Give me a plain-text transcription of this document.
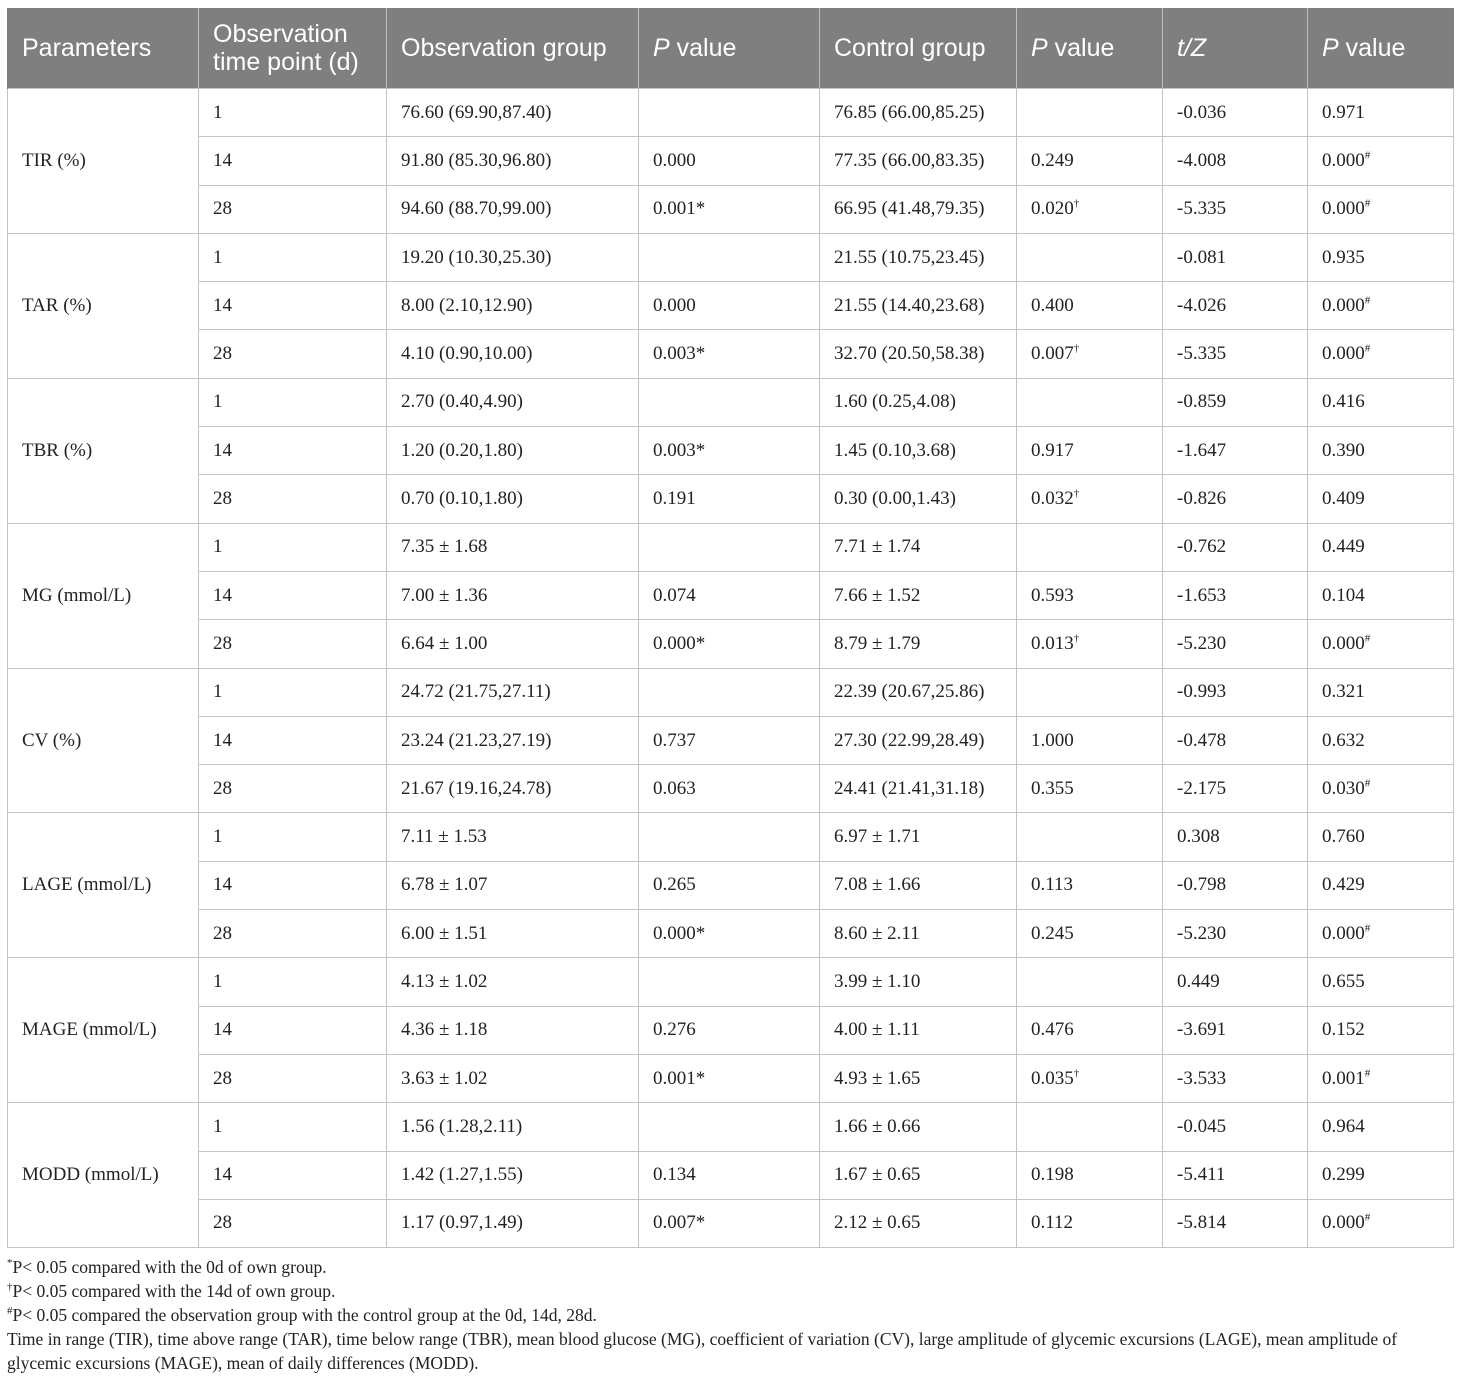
Parameters	Observation time point (d)	Observation group	P value	Control group	P value	t/Z	P value
TIR (%)	1	76.60 (69.90,87.40)		76.85 (66.00,85.25)		-0.036	0.971
	14	91.80 (85.30,96.80)	0.000	77.35 (66.00,83.35)	0.249	-4.008	0.000#
	28	94.60 (88.70,99.00)	0.001*	66.95 (41.48,79.35)	0.020†	-5.335	0.000#
TAR (%)	1	19.20 (10.30,25.30)		21.55 (10.75,23.45)		-0.081	0.935
	14	8.00 (2.10,12.90)	0.000	21.55 (14.40,23.68)	0.400	-4.026	0.000#
	28	4.10 (0.90,10.00)	0.003*	32.70 (20.50,58.38)	0.007†	-5.335	0.000#
TBR (%)	1	2.70 (0.40,4.90)		1.60 (0.25,4.08)		-0.859	0.416
	14	1.20 (0.20,1.80)	0.003*	1.45 (0.10,3.68)	0.917	-1.647	0.390
	28	0.70 (0.10,1.80)	0.191	0.30 (0.00,1.43)	0.032†	-0.826	0.409
MG (mmol/L)	1	7.35 ± 1.68		7.71 ± 1.74		-0.762	0.449
	14	7.00 ± 1.36	0.074	7.66 ± 1.52	0.593	-1.653	0.104
	28	6.64 ± 1.00	0.000*	8.79 ± 1.79	0.013†	-5.230	0.000#
CV (%)	1	24.72 (21.75,27.11)		22.39 (20.67,25.86)		-0.993	0.321
	14	23.24 (21.23,27.19)	0.737	27.30 (22.99,28.49)	1.000	-0.478	0.632
	28	21.67 (19.16,24.78)	0.063	24.41 (21.41,31.18)	0.355	-2.175	0.030#
LAGE (mmol/L)	1	7.11 ± 1.53		6.97 ± 1.71		0.308	0.760
	14	6.78 ± 1.07	0.265	7.08 ± 1.66	0.113	-0.798	0.429
	28	6.00 ± 1.51	0.000*	8.60 ± 2.11	0.245	-5.230	0.000#
MAGE (mmol/L)	1	4.13 ± 1.02		3.99 ± 1.10		0.449	0.655
	14	4.36 ± 1.18	0.276	4.00 ± 1.11	0.476	-3.691	0.152
	28	3.63 ± 1.02	0.001*	4.93 ± 1.65	0.035†	-3.533	0.001#
MODD (mmol/L)	1	1.56 (1.28,2.11)		1.66 ± 0.66		-0.045	0.964
	14	1.42 (1.27,1.55)	0.134	1.67 ± 0.65	0.198	-5.411	0.299
	28	1.17 (0.97,1.49)	0.007*	2.12 ± 0.65	0.112	-5.814	0.000#

*P< 0.05 compared with the 0d of own group.

†P< 0.05 compared with the 14d of own group.

#P< 0.05 compared the observation group with the control group at the 0d, 14d, 28d.

Time in range (TIR), time above range (TAR), time below range (TBR), mean blood glucose (MG), coefficient of variation (CV), large amplitude of glycemic excursions (LAGE), mean amplitude of glycemic excursions (MAGE), mean of daily differences (MODD).
